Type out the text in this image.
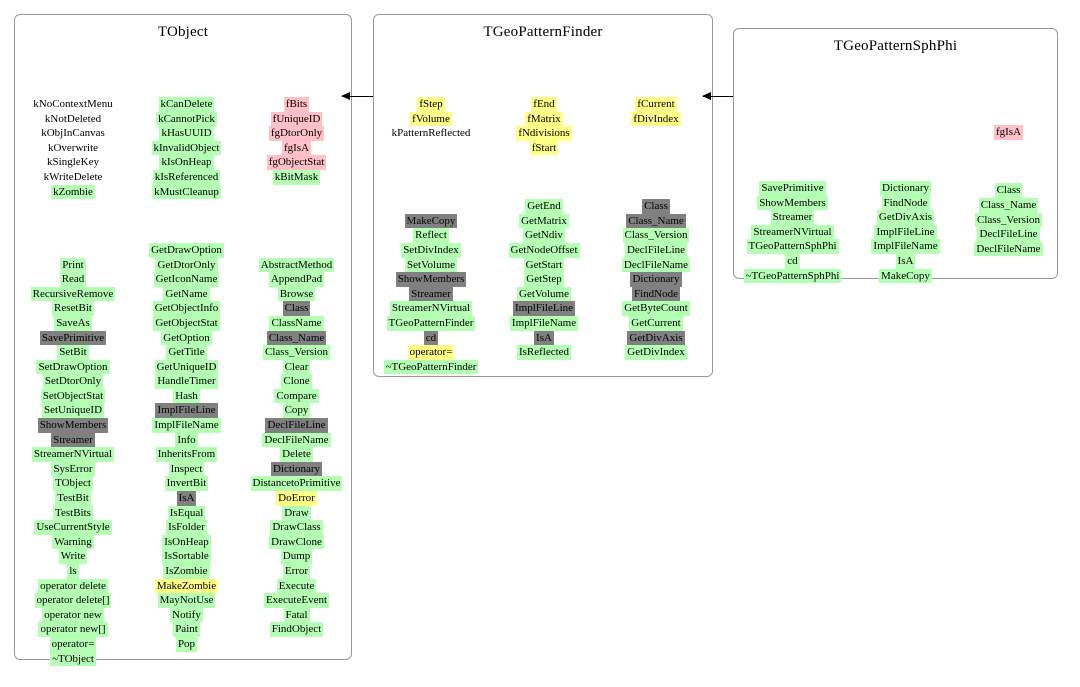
TObject
kNoContextMenu
kNotDeleted
kObjInCanvas
kOverwrite
kSingleKey
kWriteDelete
kZombie
Print
Read
RecursiveRemove
ResetBit
SaveAs
SavePrimitive
SetBit
SetDrawOption
SetDtorOnly
SetObjectStat
SetUniqueID
ShowMembers
Streamer
StreamerNVirtual
SysError
TObject
TestBit
TestBits
UseCurrentStyle
Warning
Write
ls
operator delete
operator delete[]
operator new
operator new[]
operator=
~TObject
kCanDelete
kCannotPick
kHasUUID
kInvalidObject
kIsOnHeap
kIsReferenced
kMustCleanup
GetDrawOption
GetDtorOnly
GetIconName
GetName
GetObjectInfo
GetObjectStat
GetOption
GetTitle
GetUniqueID
HandleTimer
Hash
ImplFileLine
ImplFileName
Info
InheritsFrom
Inspect
InvertBit
IsA
IsEqual
IsFolder
IsOnHeap
IsSortable
IsZombie
MakeZombie
MayNotUse
Notify
Paint
Pop
fBits
fUniqueID
fgDtorOnly
fgIsA
fgObjectStat
kBitMask
AbstractMethod
AppendPad
Browse
Class
ClassName
Class_Name
Class_Version
Clear
Clone
Compare
Copy
DeclFileLine
DeclFileName
Delete
Dictionary
DistancetoPrimitive
DoError
Draw
DrawClass
DrawClone
Dump
Error
Execute
ExecuteEvent
Fatal
FindObject
TGeoPatternFinder
fStep
fVolume
kPatternReflected
MakeCopy
Reflect
SetDivIndex
SetVolume
ShowMembers
Streamer
StreamerNVirtual
TGeoPatternFinder
cd
operator=
~TGeoPatternFinder
fEnd
fMatrix
fNdivisions
fStart
GetEnd
GetMatrix
GetNdiv
GetNodeOffset
GetStart
GetStep
GetVolume
ImplFileLine
ImplFileName
IsA
IsReflected
fCurrent
fDivIndex
Class
Class_Name
Class_Version
DeclFileLine
DeclFileName
Dictionary
FindNode
GetByteCount
GetCurrent
GetDivAxis
GetDivIndex
TGeoPatternSphPhi
SavePrimitive
ShowMembers
Streamer
StreamerNVirtual
TGeoPatternSphPhi
cd
~TGeoPatternSphPhi
Dictionary
FindNode
GetDivAxis
ImplFileLine
ImplFileName
IsA
MakeCopy
fgIsA
Class
Class_Name
Class_Version
DeclFileLine
DeclFileName
